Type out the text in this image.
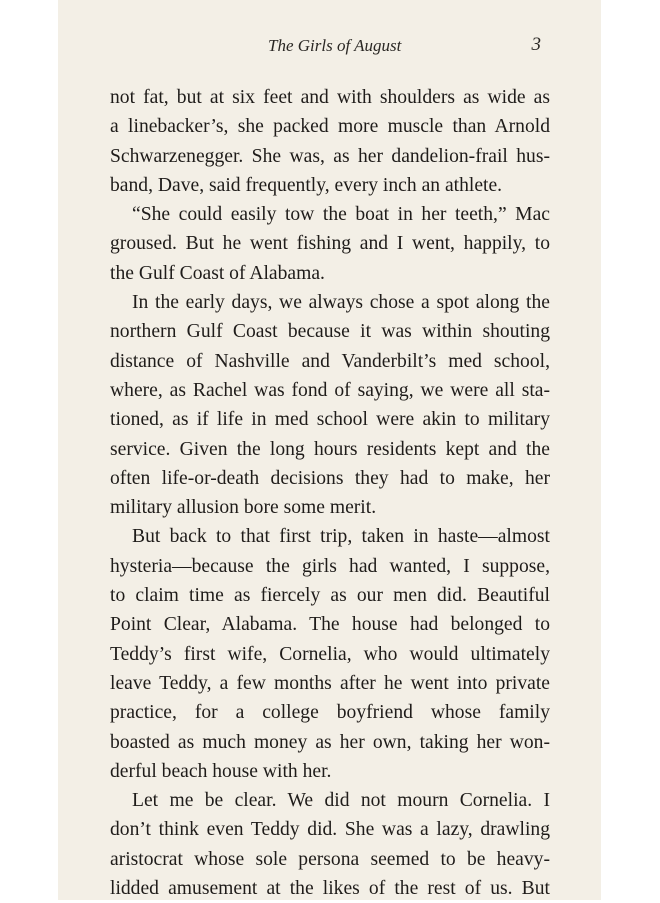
The Girls of August	3
not fat, but at six feet and with shoulders as wide as
a linebacker’s, she packed more muscle than Arnold
Schwarzenegger. She was, as her dandelion-frail hus-
band, Dave, said frequently, every inch an athlete.
“She could easily tow the boat in her teeth,” Mac
groused. But he went fishing and I went, happily, to
the Gulf Coast of Alabama.
In the early days, we always chose a spot along the
northern Gulf Coast because it was within shouting
distance of Nashville and Vanderbilt’s med school,
where, as Rachel was fond of saying, we were all sta-
tioned, as if life in med school were akin to military
service. Given the long hours residents kept and the
often life-or-death decisions they had to make, her
military allusion bore some merit.
But back to that first trip, taken in haste—almost
hysteria—because the girls had wanted, I suppose,
to claim time as fiercely as our men did. Beautiful
Point Clear, Alabama. The house had belonged to
Teddy’s first wife, Cornelia, who would ultimately
leave Teddy, a few months after he went into private
practice, for a college boyfriend whose family
boasted as much money as her own, taking her won-
derful beach house with her.
Let me be clear. We did not mourn Cornelia. I
don’t think even Teddy did. She was a lazy, drawling
aristocrat whose sole persona seemed to be heavy-
lidded amusement at the likes of the rest of us. But
